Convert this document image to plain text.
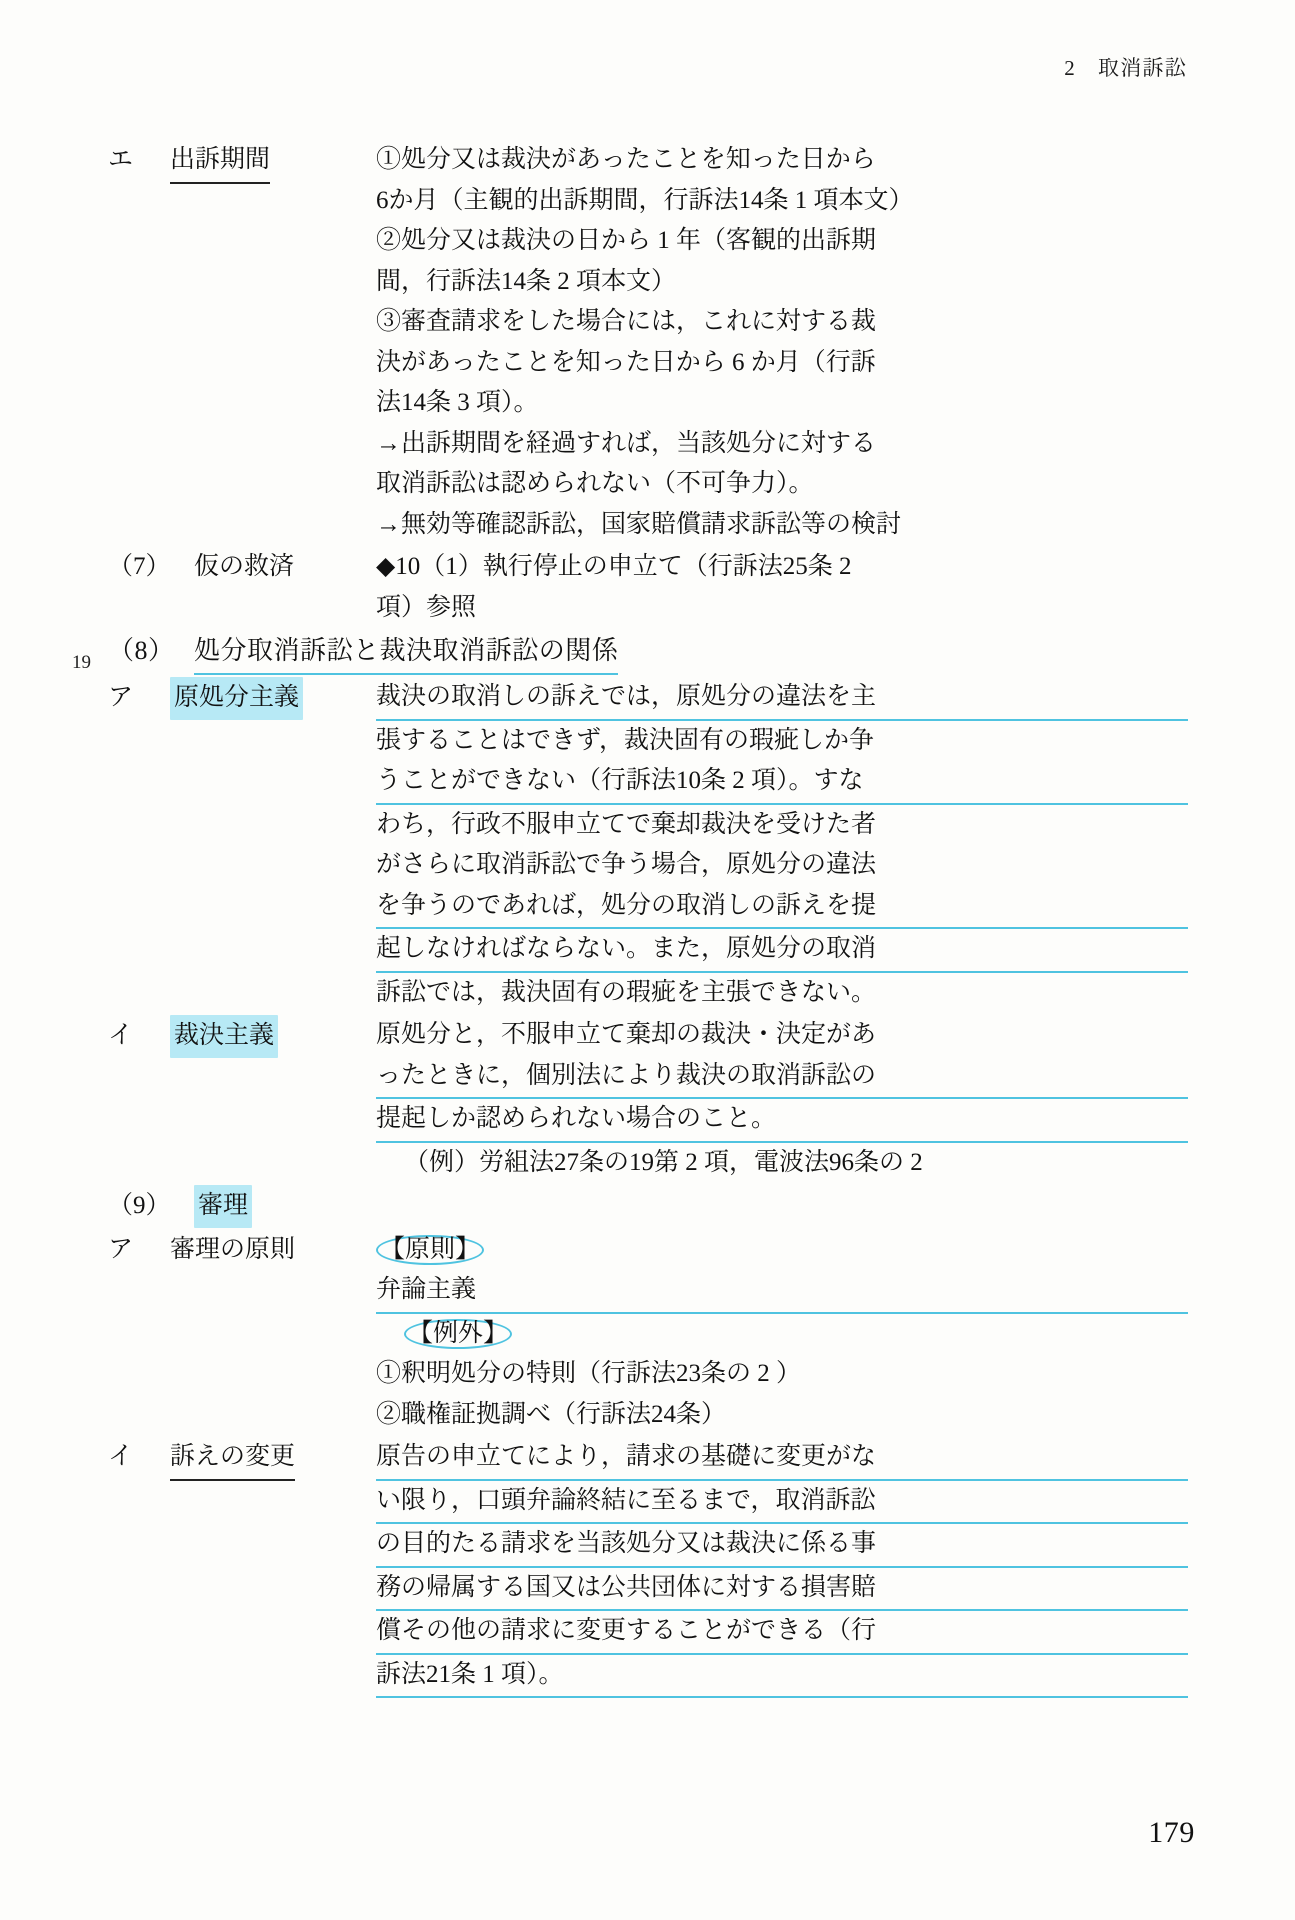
2 取消訴訟
19
エ 出訴期間	①処分又は裁決があったことを知った日から
6か月（主観的出訴期間，行訴法14条 1 項本文）
②処分又は裁決の日から 1 年（客観的出訴期
間，行訴法14条 2 項本文）
③審査請求をした場合には，これに対する裁
決があったことを知った日から 6 か月（行訴
法14条 3 項）。
→出訴期間を経過すれば，当該処分に対する
取消訴訟は認められない（不可争力）。
→無効等確認訴訟，国家賠償請求訴訟等の検討
（7） 仮の救済	◆10（1）執行停止の申立て（行訴法25条 2
項）参照
（8） 処分取消訴訟と裁決取消訴訟の関係
ア 原処分主義	裁決の取消しの訴えでは，原処分の違法を主
張することはできず，裁決固有の瑕疵しか争
うことができない（行訴法10条 2 項）。すな
わち，行政不服申立てで棄却裁決を受けた者
がさらに取消訴訟で争う場合，原処分の違法
を争うのであれば，処分の取消しの訴えを提
起しなければならない。また，原処分の取消
訴訟では，裁決固有の瑕疵を主張できない。
イ 裁決主義	原処分と，不服申立て棄却の裁決・決定があ
ったときに，個別法により裁決の取消訴訟の
提起しか認められない場合のこと。
（例）労組法27条の19第 2 項，電波法96条の 2
（9） 審理
ア 審理の原則	【原則】
弁論主義
【例外】
①釈明処分の特則（行訴法23条の 2 ）
②職権証拠調べ（行訴法24条）
イ 訴えの変更	原告の申立てにより，請求の基礎に変更がな
い限り，口頭弁論終結に至るまで，取消訴訟
の目的たる請求を当該処分又は裁決に係る事
務の帰属する国又は公共団体に対する損害賠
償その他の請求に変更することができる（行
訴法21条 1 項）。
179
